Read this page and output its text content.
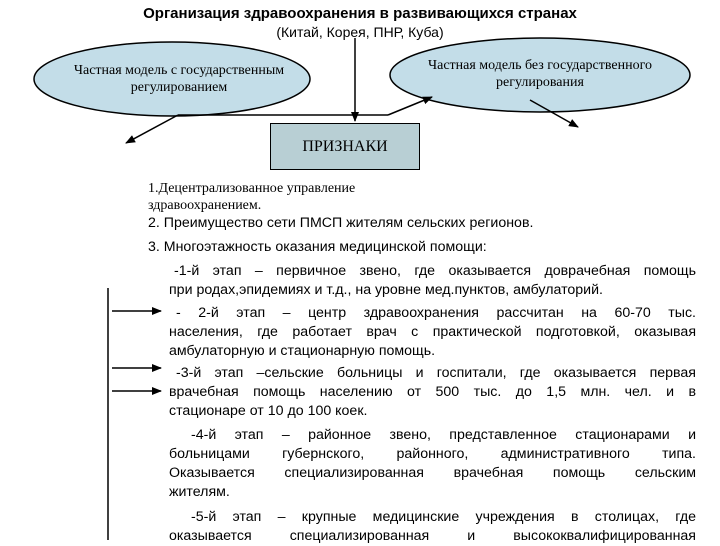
Организация здравоохранения в развивающихся странах
(Китай, Корея, ПНР, Куба)
Частная модель с государственным
регулированием
Частная модель без государственного
регулирования
ПРИЗНАКИ
1.Децентрализованное управление
здравоохранением.
2. Преимущество сети ПМСП жителям сельских регионов.
3. Многоэтажность оказания медицинской помощи:
-1-й этап – первичное звено, где оказывается доврачебная помощь
при родах,эпидемиях и т.д., на уровне мед.пунктов, амбулаторий.
- 2-й этап – центр здравоохранения рассчитан на 60-70 тыс.
населения, где работает врач с практической подготовкой, оказывая
амбулаторную и стационарную помощь.
-3-й этап –сельские больницы и госпитали, где оказывается первая
врачебная помощь населению от 500 тыс. до 1,5 млн. чел. и в
стационаре от 10 до 100 коек.
-4-й этап – районное звено, представленное стационарами и
больницами губернского, районного, административного типа.
Оказывается специализированная врачебная помощь сельским
жителям.
-5-й этап – крупные медицинские учреждения в столицах, где
оказывается специализированная и высококвалифицированная
